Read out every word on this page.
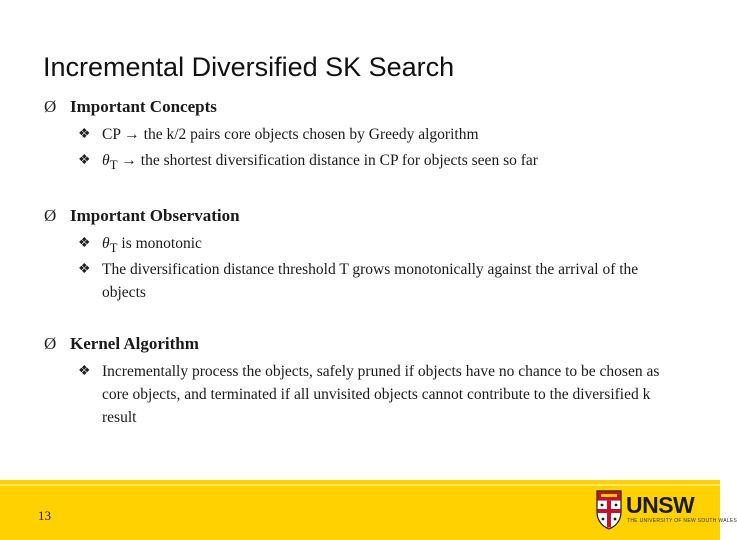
Incremental Diversified SK Search
Ø Important Concepts
❖ CP → the k/2 pairs core objects chosen by Greedy algorithm
❖ $\theta_T$ → the shortest diversification distance in CP for objects seen so far
Ø Important Observation
❖ $\theta_T$ is monotonic
❖ The diversification distance threshold T grows monotonically against the arrival of the objects
Ø Kernel Algorithm
❖ Incrementally process the objects, safely pruned if objects have no chance to be chosen as core objects, and terminated if all unvisited objects cannot contribute to the diversified k result
13	UNSW
THE UNIVERSITY OF NEW SOUTH WALES
